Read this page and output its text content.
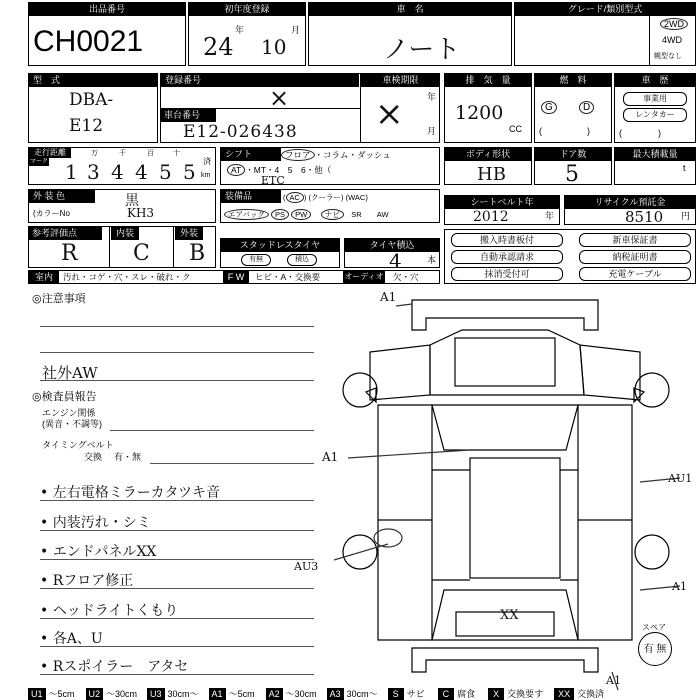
出品番号
CH0021
初年度登録
24
年
10
月
車　名
ノート
グレード/類別型式
2WD
4WD
幌型なし
型　式
DBA-
E12
登録番号
×
車台番号
E12-026438
車検期限
×	年
月
排　気　量
1200
CC
燃　料
G	D
(　　　　　)
車　歴
事業用
レンタカー
(　　　　)
走行距離
マーク
万	千	百	十
1 3 4 4 5 5 済
km
シフト	フロア ・コラム・ダッシュ
AT ・MT・4　5　6・他（
ETC
ボディ形状
HB
ドア数
5
最大積載量
t
外 装 色	黒
(カラーNo	KH3
装備品	( AC ) (クーラー) (WAC)
エアバッグ PS PW　 ナビ　 SR　　 AW
シートベルト年
2012	年
リサイクル預託金
8510 円
参考評価点
R
内装
C
外装
B	スタッドレスタイヤ
有無	積込
タイヤ積込
4	本
搬入時書板付	新車保証書
自動承認請求	納税証明書
抹消受付可	充電ケーブル
室内	汚れ・コゲ・穴・スレ・破れ・ク	F W	ヒビ・A・交換要	オーディオ 欠・穴
◎注意事項
社外AW
◎検査員報告
エンジン関係
(異音・不調等)
タイミングベルト
交換 有・無
• 左右電格ミラーカタツキ音
• 内装汚れ・シミ
• エンドパネルXX
• Rフロア修正
• ヘッドライトくもり
• 各A、U
• Rスポイラー　アタセ
A1
A1
AU1
AU3
A1
XX
A1
スペア
有 無
U1 ～5cm	U2 ～30cm	U3 30cm～	A1 ～5cm	A2 ～30cm	A3 30cm～	S サビ	C 腐食	X 交換要す	XX 交換済
